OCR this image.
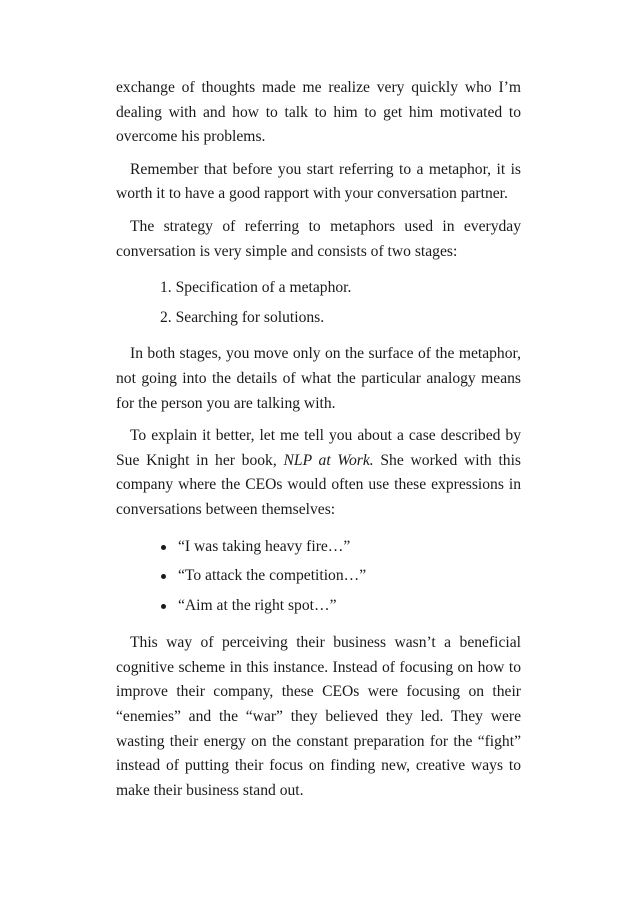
exchange of thoughts made me realize very quickly who I’m dealing with and how to talk to him to get him motivated to overcome his problems.

Remember that before you start referring to a metaphor, it is worth it to have a good rapport with your conversation partner.

The strategy of referring to metaphors used in everyday conversation is very simple and consists of two stages:

1. Specification of a metaphor.
2. Searching for solutions.

In both stages, you move only on the surface of the metaphor, not going into the details of what the particular analogy means for the person you are talking with.

To explain it better, let me tell you about a case described by Sue Knight in her book, NLP at Work. She worked with this company where the CEOs would often use these expressions in conversations between themselves:

“I was taking heavy fire…”
“To attack the competition…”
“Aim at the right spot…”

This way of perceiving their business wasn’t a beneficial cognitive scheme in this instance. Instead of focusing on how to improve their company, these CEOs were focusing on their “enemies” and the “war” they believed they led. They were wasting their energy on the constant preparation for the “fight” instead of putting their focus on finding new, creative ways to make their business stand out.
